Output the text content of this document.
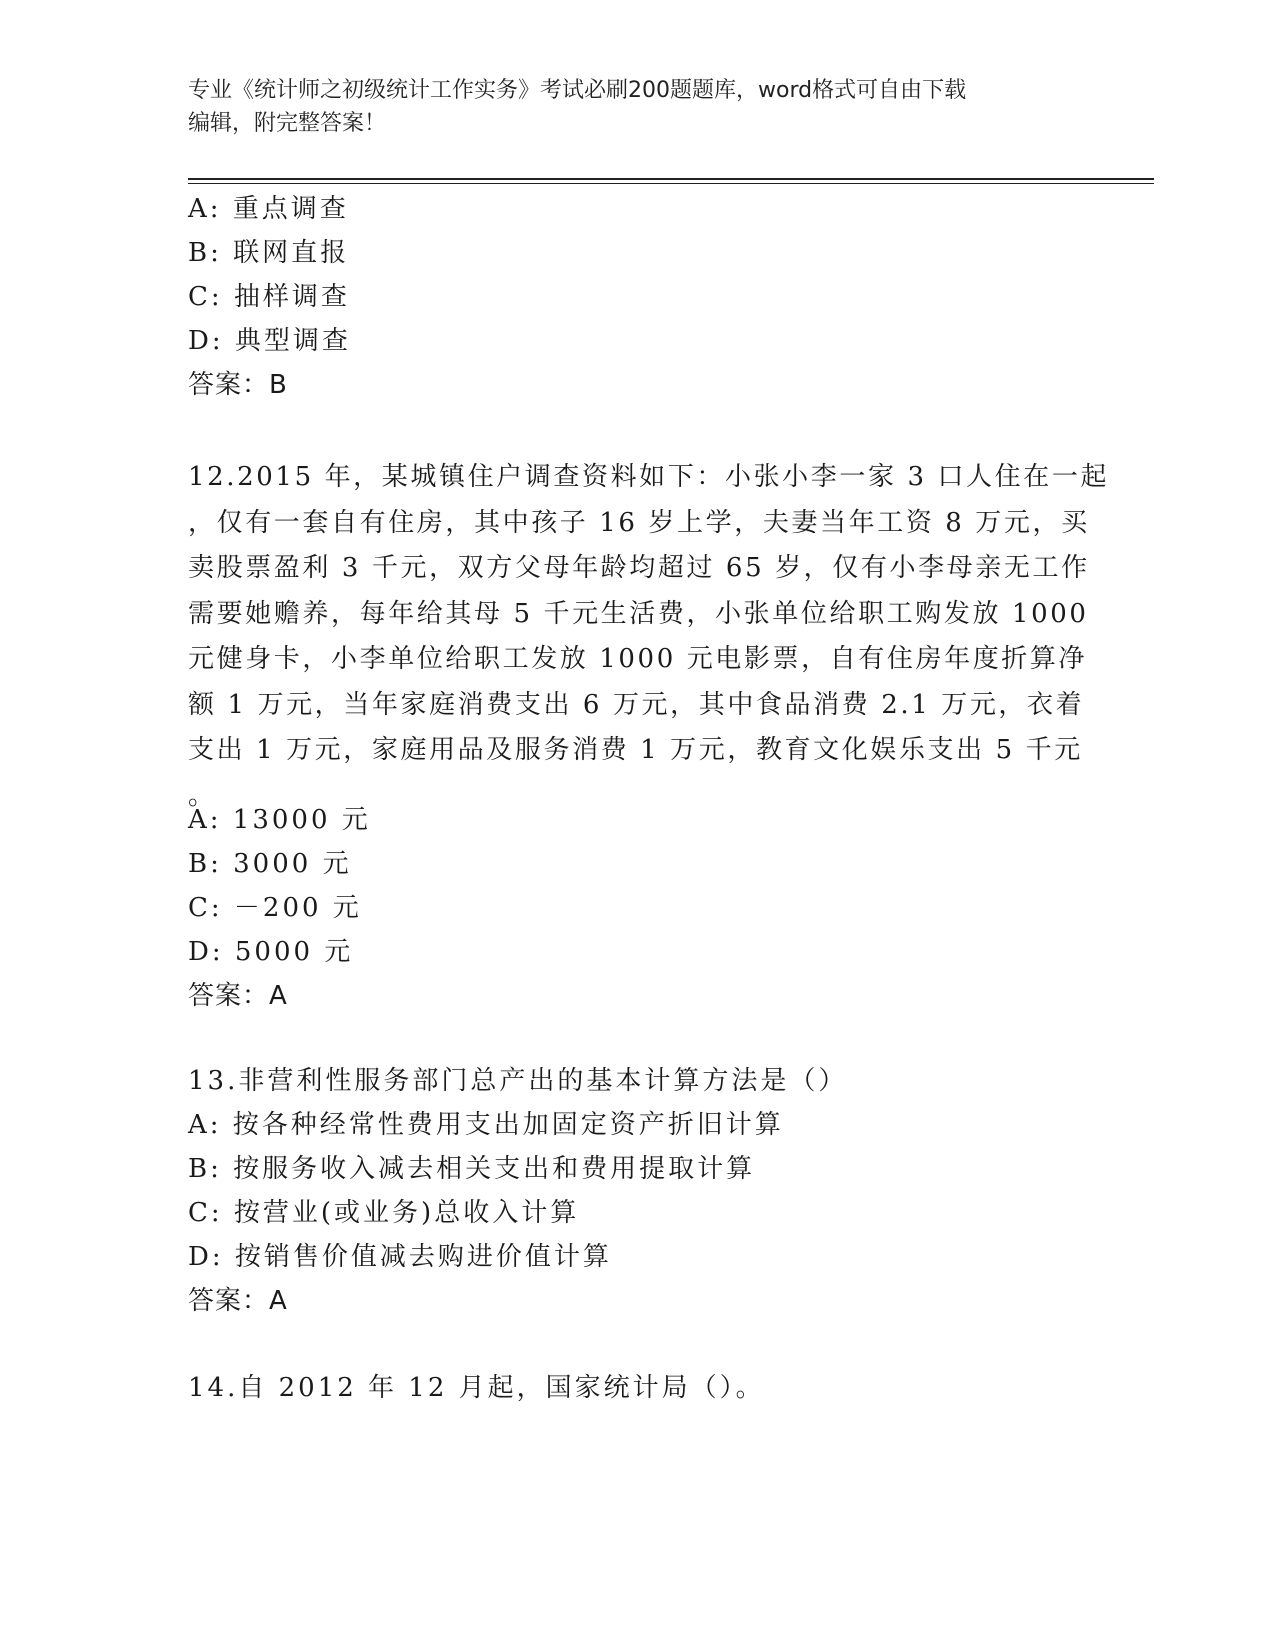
专业《统计师之初级统计工作实务》考试必刷200题题库，word格式可自由下载
编辑，附完整答案！
A: 重点调查
B: 联网直报
C: 抽样调查
D: 典型调查
答案：B
12.2015 年，某城镇住户调查资料如下：小张小李一家 3 口人住在一起
，仅有一套自有住房，其中孩子 16 岁上学，夫妻当年工资 8 万元，买
卖股票盈利 3 千元，双方父母年龄均超过 65 岁，仅有小李母亲无工作
需要她赡养，每年给其母 5 千元生活费，小张单位给职工购发放 1000
元健身卡，小李单位给职工发放 1000 元电影票，自有住房年度折算净
额 1 万元，当年家庭消费支出 6 万元，其中食品消费 2.1 万元，衣着
支出 1 万元，家庭用品及服务消费 1 万元，教育文化娱乐支出 5 千元
。
A: 13000 元
B: 3000 元
C: －200 元
D: 5000 元
答案：A
13.非营利性服务部门总产出的基本计算方法是（）
A: 按各种经常性费用支出加固定资产折旧计算
B: 按服务收入减去相关支出和费用提取计算
C: 按营业(或业务)总收入计算
D: 按销售价值减去购进价值计算
答案：A
14.自 2012 年 12 月起，国家统计局（）。
